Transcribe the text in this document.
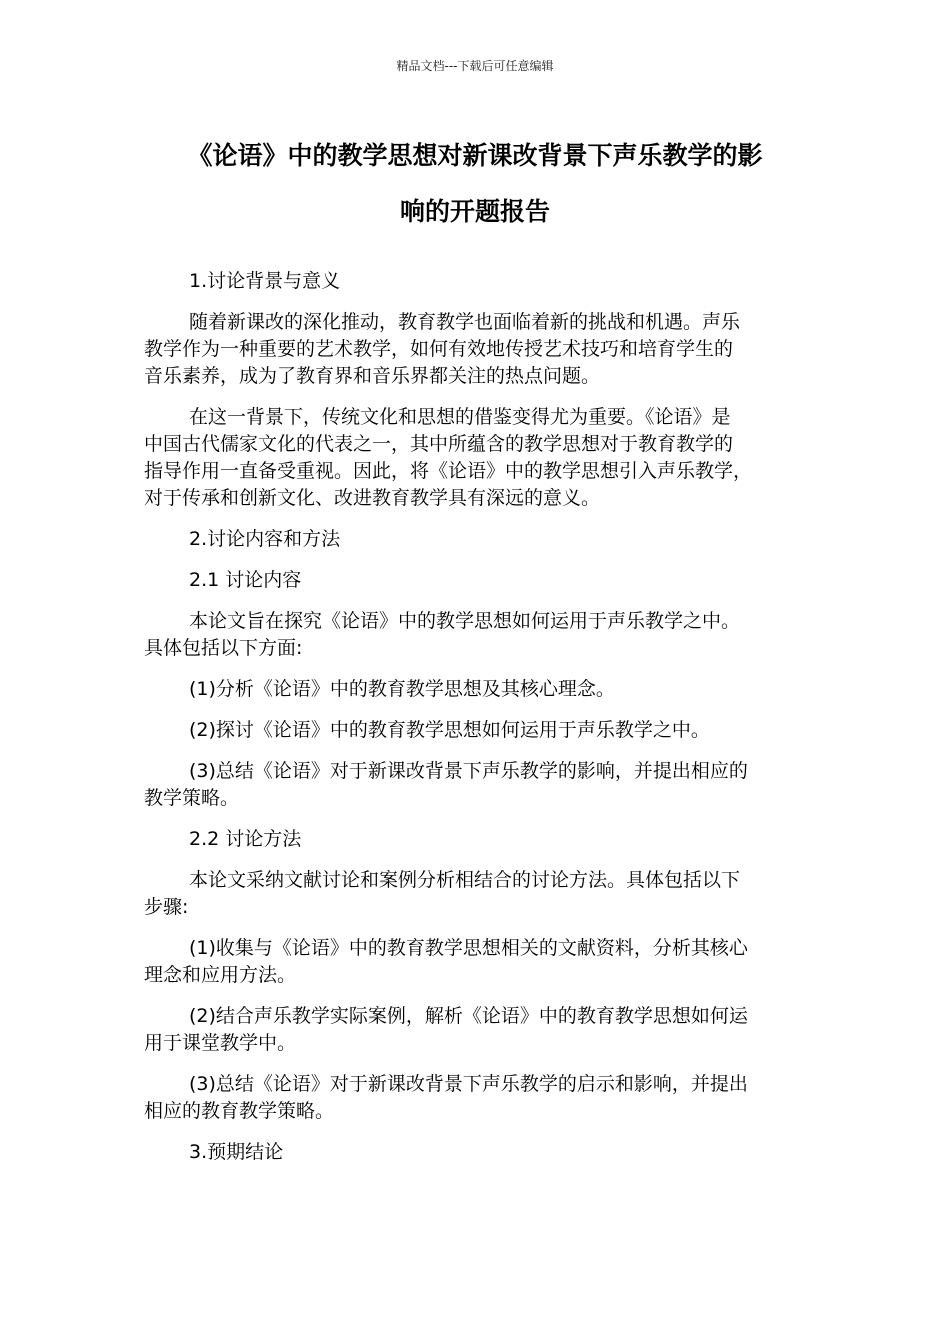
精品文档---下载后可任意编辑
《论语》中的教学思想对新课改背景下声乐教学的影
响的开题报告

1.讨论背景与意义

随着新课改的深化推动，教育教学也面临着新的挑战和机遇。声乐
教学作为一种重要的艺术教学，如何有效地传授艺术技巧和培育学生的
音乐素养，成为了教育界和音乐界都关注的热点问题。

在这一背景下，传统文化和思想的借鉴变得尤为重要。《论语》是
中国古代儒家文化的代表之一，其中所蕴含的教学思想对于教育教学的
指导作用一直备受重视。因此，将《论语》中的教学思想引入声乐教学，
对于传承和创新文化、改进教育教学具有深远的意义。

2.讨论内容和方法

2.1 讨论内容

本论文旨在探究《论语》中的教学思想如何运用于声乐教学之中。
具体包括以下方面:

(1)分析《论语》中的教育教学思想及其核心理念。

(2)探讨《论语》中的教育教学思想如何运用于声乐教学之中。

(3)总结《论语》对于新课改背景下声乐教学的影响，并提出相应的
教学策略。

2.2 讨论方法

本论文采纳文献讨论和案例分析相结合的讨论方法。具体包括以下
步骤:

(1)收集与《论语》中的教育教学思想相关的文献资料，分析其核心
理念和应用方法。

(2)结合声乐教学实际案例，解析《论语》中的教育教学思想如何运
用于课堂教学中。

(3)总结《论语》对于新课改背景下声乐教学的启示和影响，并提出
相应的教育教学策略。

3.预期结论
